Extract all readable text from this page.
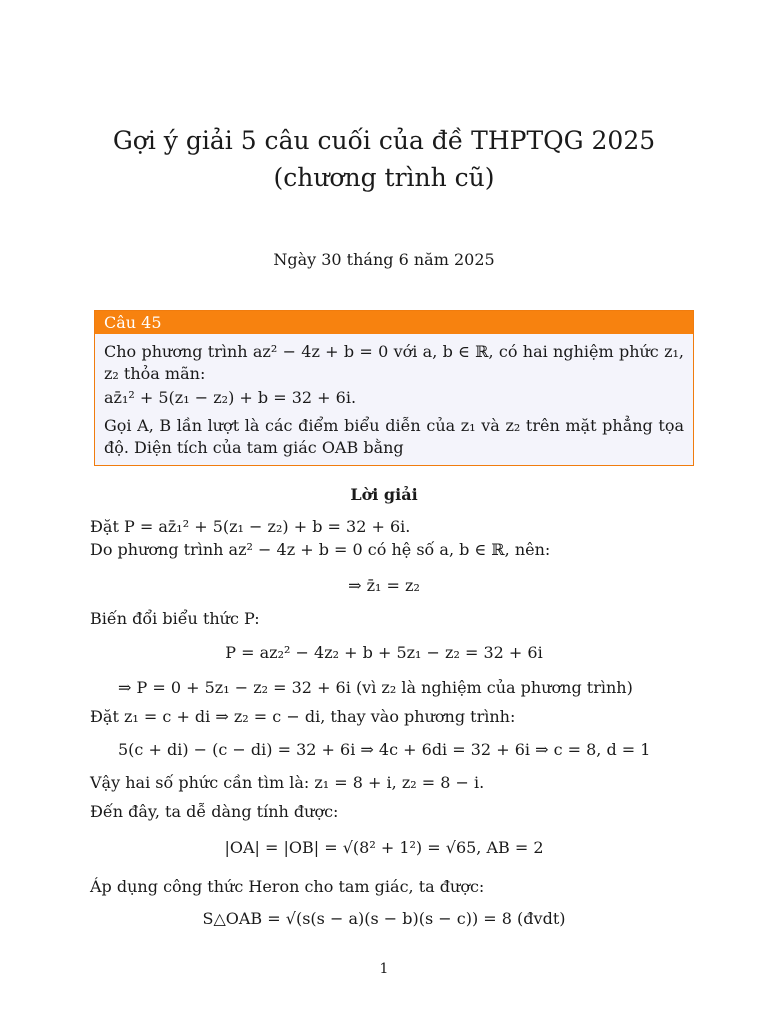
Gợi ý giải 5 câu cuối của đề THPTQG 2025 (chương trình cũ)
Ngày 30 tháng 6 năm 2025
Câu 45

Cho phương trình az² − 4z + b = 0 với a, b ∈ ℝ, có hai nghiệm phức z₁, z₂ thỏa mãn:

az̄₁² + 5(z₁ − z₂) + b = 32 + 6i.

Gọi A, B lần lượt là các điểm biểu diễn của z₁ và z₂ trên mặt phẳng tọa độ. Diện tích của tam giác OAB bằng

Lời giải
Đặt P = az̄₁² + 5(z₁ − z₂) + b = 32 + 6i.
Do phương trình az² − 4z + b = 0 có hệ số a, b ∈ ℝ, nên:
⇒ z̄₁ = z₂
Biến đổi biểu thức P:
P = az₂² − 4z₂ + b + 5z₁ − z₂ = 32 + 6i
⇒ P = 0 + 5z₁ − z₂ = 32 + 6i (vì z₂ là nghiệm của phương trình)
Đặt z₁ = c + di ⇒ z₂ = c − di, thay vào phương trình:
5(c + di) − (c − di) = 32 + 6i ⇒ 4c + 6di = 32 + 6i ⇒ c = 8, d = 1
Vậy hai số phức cần tìm là: z₁ = 8 + i, z₂ = 8 − i.
Đến đây, ta dễ dàng tính được:
|OA| = |OB| = √(8² + 1²) = √65, AB = 2
Áp dụng công thức Heron cho tam giác, ta được:
S△OAB = √(s(s − a)(s − b)(s − c)) = 8 (đvdt)
1
